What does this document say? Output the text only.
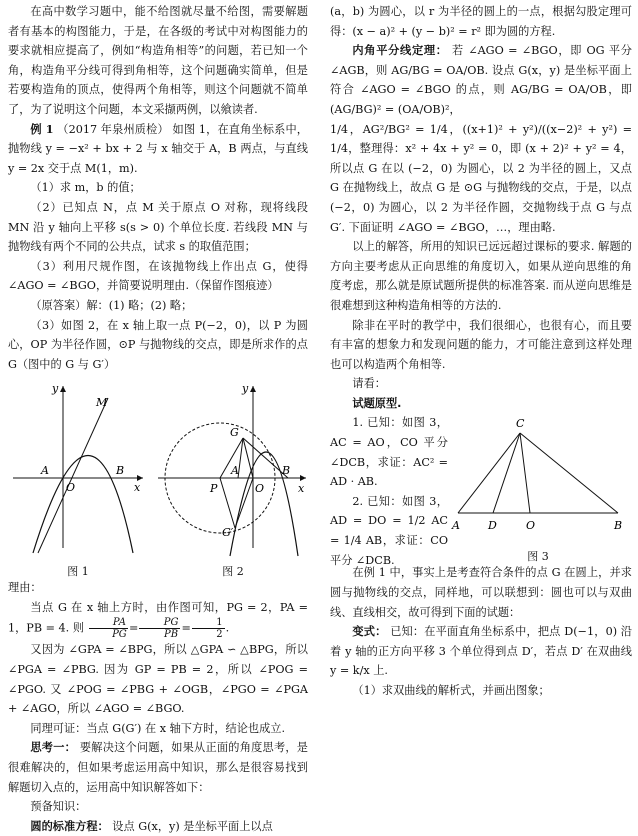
在高中数学习题中，能不给图就尽量不给图，需要解题者有基本的构图能力，于是，在各级的考试中对构图能力的要求就相应提高了，例如“构造角相等”的问题，若已知一个角，构造角平分线可得到角相等，这个问题确实简单，但是若要构造角的顶点，使得两个角相等，则这个问题就不简单了，为了说明这个问题，本文采撷两例，以飨读者.

例 1 （2017 年泉州质检） 如图 1，在直角坐标系中，抛物线 y = −x² + bx + 2 与 x 轴交于 A，B 两点，与直线 y = 2x 交于点 M(1，m).

（1）求 m，b 的值；

（2）已知点 N，点 M 关于原点 O 对称，现将线段 MN 沿 y 轴向上平移 s(s > 0) 个单位长度. 若线段 MN 与抛物线有两个不同的公共点，试求 s 的取值范围；

（3）利用尺规作图，在该抛物线上作出点 G，使得 ∠AGO = ∠BGO，并简要说明理由.（保留作图痕迹）

（原答案）解：(1) 略；(2) 略；

（3）如图 2，在 x 轴上取一点 P(−2，0)，以 P 为圆心，OP 为半径作圆，⊙P 与抛物线的交点，即是所求作的点 G（图中的 G 与 G′）

y
M
A
O
B
x
图 1
y
G
P
A
O
B
x
G′
图 2

理由：

当点 G 在 x 轴上方时，由作图可知，PG = 2，PA = 1，PB = 4. 则 $\frac{PA}{PG} = \frac{PG}{PB} = \frac{1}{2}$ .

又因为 ∠GPA = ∠BPG，所以 △GPA ∽ △BPG，所以 ∠PGA = ∠PBG. 因为 GP = PB = 2，所以 ∠POG = ∠PGO. 又 ∠POG = ∠PBG + ∠OGB，∠PGO = ∠PGA + ∠AGO，所以 ∠AGO = ∠BGO.

同理可证：当点 G(G′) 在 x 轴下方时，结论也成立.

思考一： 要解决这个问题，如果从正面的角度思考，是很难解决的，但如果考虑运用高中知识，那么是很容易找到解题切入点的，运用高中知识解答如下：

预备知识：

圆的标准方程： 设点 G(x，y) 是坐标平面上以点

(a，b) 为圆心，以 r 为半径的圆上的一点，根据勾股定理可得：(x − a)² + (y − b)² = r² 即为圆的方程.

内角平分线定理： 若 ∠AGO = ∠BGO，即 OG 平分 ∠AGB，则 AG/BG = OA/OB. 设点 G(x，y) 是坐标平面上符合 ∠AGO = ∠BGO 的点，则 AG/BG = OA/OB，即 (AG/BG)² = (OA/OB)²，

1/4，AG²/BG² = 1/4，((x+1)² + y²)/((x−2)² + y²) = 1/4，整理得：x² + 4x + y² = 0，即 (x + 2)² + y² = 4，所以点 G 在以 (−2，0) 为圆心，以 2 为半径的圆上，又点 G 在抛物线上，故点 G 是 ⊙G 与抛物线的交点，于是，以点 (−2，0) 为圆心，以 2 为半径作圆，交抛物线于点 G 与点 G′. 下面证明 ∠AGO = ∠BGO，…，理由略.

以上的解答，所用的知识已远远超过课标的要求. 解题的方向主要考虑从正向思维的角度切入，如果从逆向思维的角度考虑，那么就是原试题所提供的标准答案. 而从逆向思维是很难想到这种构造角相等的方法的.

除非在平时的教学中，我们很细心，也很有心，而且要有丰富的想象力和发现问题的能力，才可能注意到这样处理也可以构造两个角相等.

请看：

试题原型.

1. 已知：如图 3，AC = AO，CO 平分 ∠DCB，求证：AC² = AD · AB.

2. 已知：如图 3，AD = DO = 1/2 AC = 1/4 AB，求证：CO 平分 ∠DCB.

C
A	D	O	B
图 3

在例 1 中，事实上是考查符合条件的点 G 在圆上，并求圆与抛物线的交点，同样地，可以联想到：圆也可以与双曲线、直线相交，故可得到下面的试题：

变式： 已知：在平面直角坐标系中，把点 D(−1，0) 沿着 y 轴的正方向平移 3 个单位得到点 D′，若点 D′ 在双曲线 y = k/x 上.

（1）求双曲线的解析式，并画出图象；
